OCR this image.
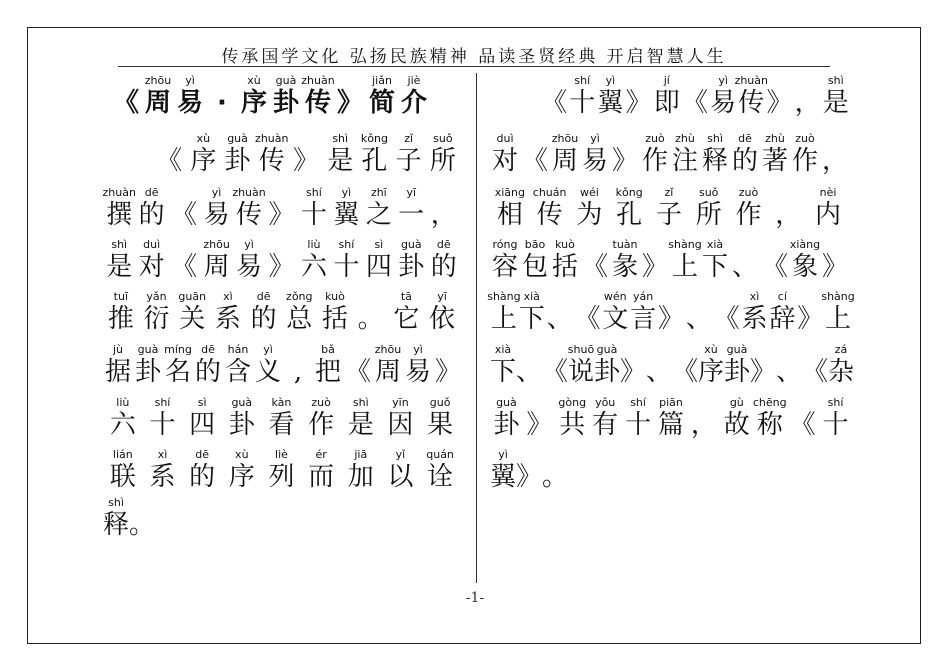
传承国学文化 弘扬民族精神 品读圣贤经典 开启智慧人生
《
zhōu
周
yì
易 ·
xù
序
guà
卦
zhuàn
传 》
jiǎn
简
jiè
介
《
xù
序
guà
卦
zhuàn
传 》
shì
是
kǒng
孔
zǐ
子
suǒ
所
zhuàn
撰
dē
的 《
yì
易
zhuàn
传 》
shí
十
yì
翼
zhī
之
yī
一 ，
shì
是
duì
对 《
zhōu
周
yì
易 》
liù
六
shí
十
sì
四
guà
卦
dē
的
tuī
推
yǎn
衍
guān
关
xì
系
dē
的
zǒng
总
kuò
括 。
tā
它
yī
依
jù
据
guà
卦
míng
名
dē
的
hán
含
yì
义 ,
bǎ
把 《
zhōu
周
yì
易 》
liù
六
shí
十
sì
四
guà
卦
kàn
看
zuò
作
shì
是
yīn
因
guǒ
果
lián
联
xì
系
dē
的
xù
序
liè
列
ér
而
jiā
加
yǐ
以
quán
诠
shì
释 。
《
shí
十
yì
翼 》
jí
即 《
yì
易
zhuàn
传 》 ，
shì
是
duì
对 《
zhōu
周
yì
易 》
zuò
作
zhù
注
shì
释
dē
的
zhù
著
zuò
作 ，
xiāng
相
chuán
传
wéi
为
kǒng
孔
zǐ
子
suǒ
所
zuò
作 ，
nèi
内
róng
容
bāo
包
kuò
括 《
tuàn
彖 》
shàng
上
xià
下 、 《
xiàng
象 》
shàng
上
xià
下 、 《
wén
文
yán
言 》 、 《
xì
系
cí
辞 》
shàng
上
xià
下 、 《
shuō
说
guà
卦 》 、 《
xù
序
guà
卦 》 、 《
zá
杂
guà
卦 》
gòng
共
yǒu
有
shí
十
piān
篇 ，
gù
故
chēng
称 《
shí
十
yì
翼 》 。
-1-
